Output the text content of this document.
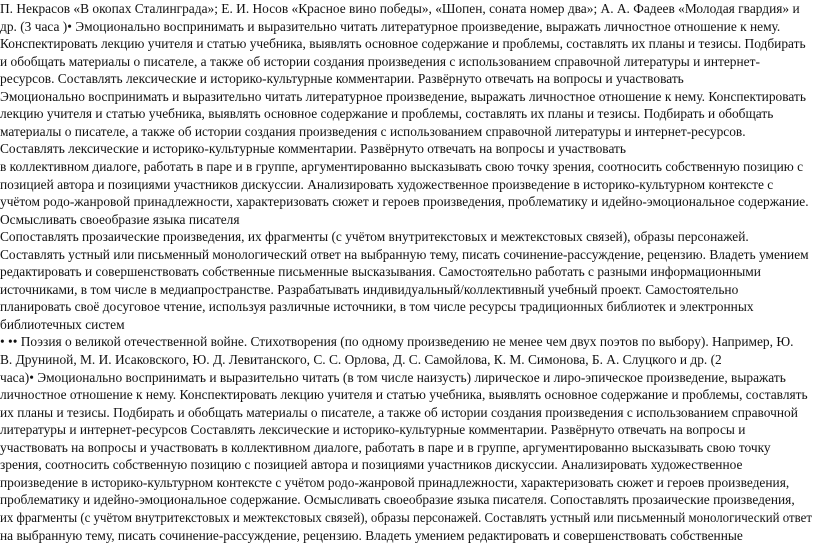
П. Некрасов «В окопах Сталинграда»; Е. И. Носов «Красное вино победы», «Шопен, соната номер два»; А. А. Фадеев «Молодая гвардия» и
др. (3 часа )• Эмоционально воспринимать и выразительно читать литературное произведение, выражать личностное отношение к нему.
Конспектировать лекцию учителя и статью учебника, выявлять основное содержание и проблемы, составлять их планы и тезисы. Подбирать
и обобщать материалы о писателе, а также об истории создания произведения с использованием справочной литературы и интернет-
ресурсов. Составлять лексические и историко-культурные комментарии. Развёрнуто отвечать на вопросы и участвовать
Эмоционально воспринимать и выразительно читать литературное произведение, выражать личностное отношение к нему. Конспектировать
лекцию учителя и статью учебника, выявлять основное содержание и проблемы, составлять их планы и тезисы. Подбирать и обобщать
материалы о писателе, а также об истории создания произведения с использованием справочной литературы и интернет-ресурсов.
Составлять лексические и историко-культурные комментарии. Развёрнуто отвечать на вопросы и участвовать
в коллективном диалоге, работать в паре и в группе, аргументированно высказывать свою точку зрения, соотносить собственную позицию с
позицией автора и позициями участников дискуссии. Анализировать художественное произведение в историко-культурном контексте с
учётом родо-жанровой принадлежности, характеризовать сюжет и героев произведения, проблематику и идейно-эмоциональное содержание.
Осмысливать своеобразие языка писателя
Сопоставлять прозаические произведения, их фрагменты (с учётом внутритекстовых и межтекстовых связей), образы персонажей.
Составлять устный или письменный монологический ответ на выбранную тему, писать сочинение-рассуждение, рецензию. Владеть умением
редактировать и совершенствовать собственные письменные высказывания. Самостоятельно работать с разными информационными
источниками, в том числе в медиапространстве. Разрабатывать индивидуальный/коллективный учебный проект. Самостоятельно
планировать своё досуговое чтение, используя различные источники, в том числе ресурсы традиционных библиотек и электронных
библиотечных систем
• •• Поэзия о великой отечественной войне. Стихотворения (по одному произведению не менее чем двух поэтов по выбору). Например, Ю.
В. Друниной, М. И. Исаковского, Ю. Д. Левитанского, С. С. Орлова, Д. С. Самойлова, К. М. Симонова, Б. А. Слуцкого и др. (2
часа)• Эмоционально воспринимать и выразительно читать (в том числе наизусть) лирическое и лиро-эпическое произведение, выражать
личностное отношение к нему. Конспектировать лекцию учителя и статью учебника, выявлять основное содержание и проблемы, составлять
их планы и тезисы. Подбирать и обобщать материалы о писателе, а также об истории создания произведения с использованием справочной
литературы и интернет-ресурсов Составлять лексические и историко-культурные комментарии. Развёрнуто отвечать на вопросы и
участвовать на вопросы и участвовать в коллективном диалоге, работать в паре и в группе, аргументированно высказывать свою точку
зрения, соотносить собственную позицию с позицией автора и позициями участников дискуссии. Анализировать художественное
произведение в историко-культурном контексте с учётом родо-жанровой принадлежности, характеризовать сюжет и героев произведения,
проблематику и идейно-эмоциональное содержание. Осмысливать своеобразие языка писателя. Сопоставлять прозаические произведения,
их фрагменты (с учётом внутритекстовых и межтекстовых связей), образы персонажей. Составлять устный или письменный монологический ответ
на выбранную тему, писать сочинение-рассуждение, рецензию. Владеть умением редактировать и совершенствовать собственные
